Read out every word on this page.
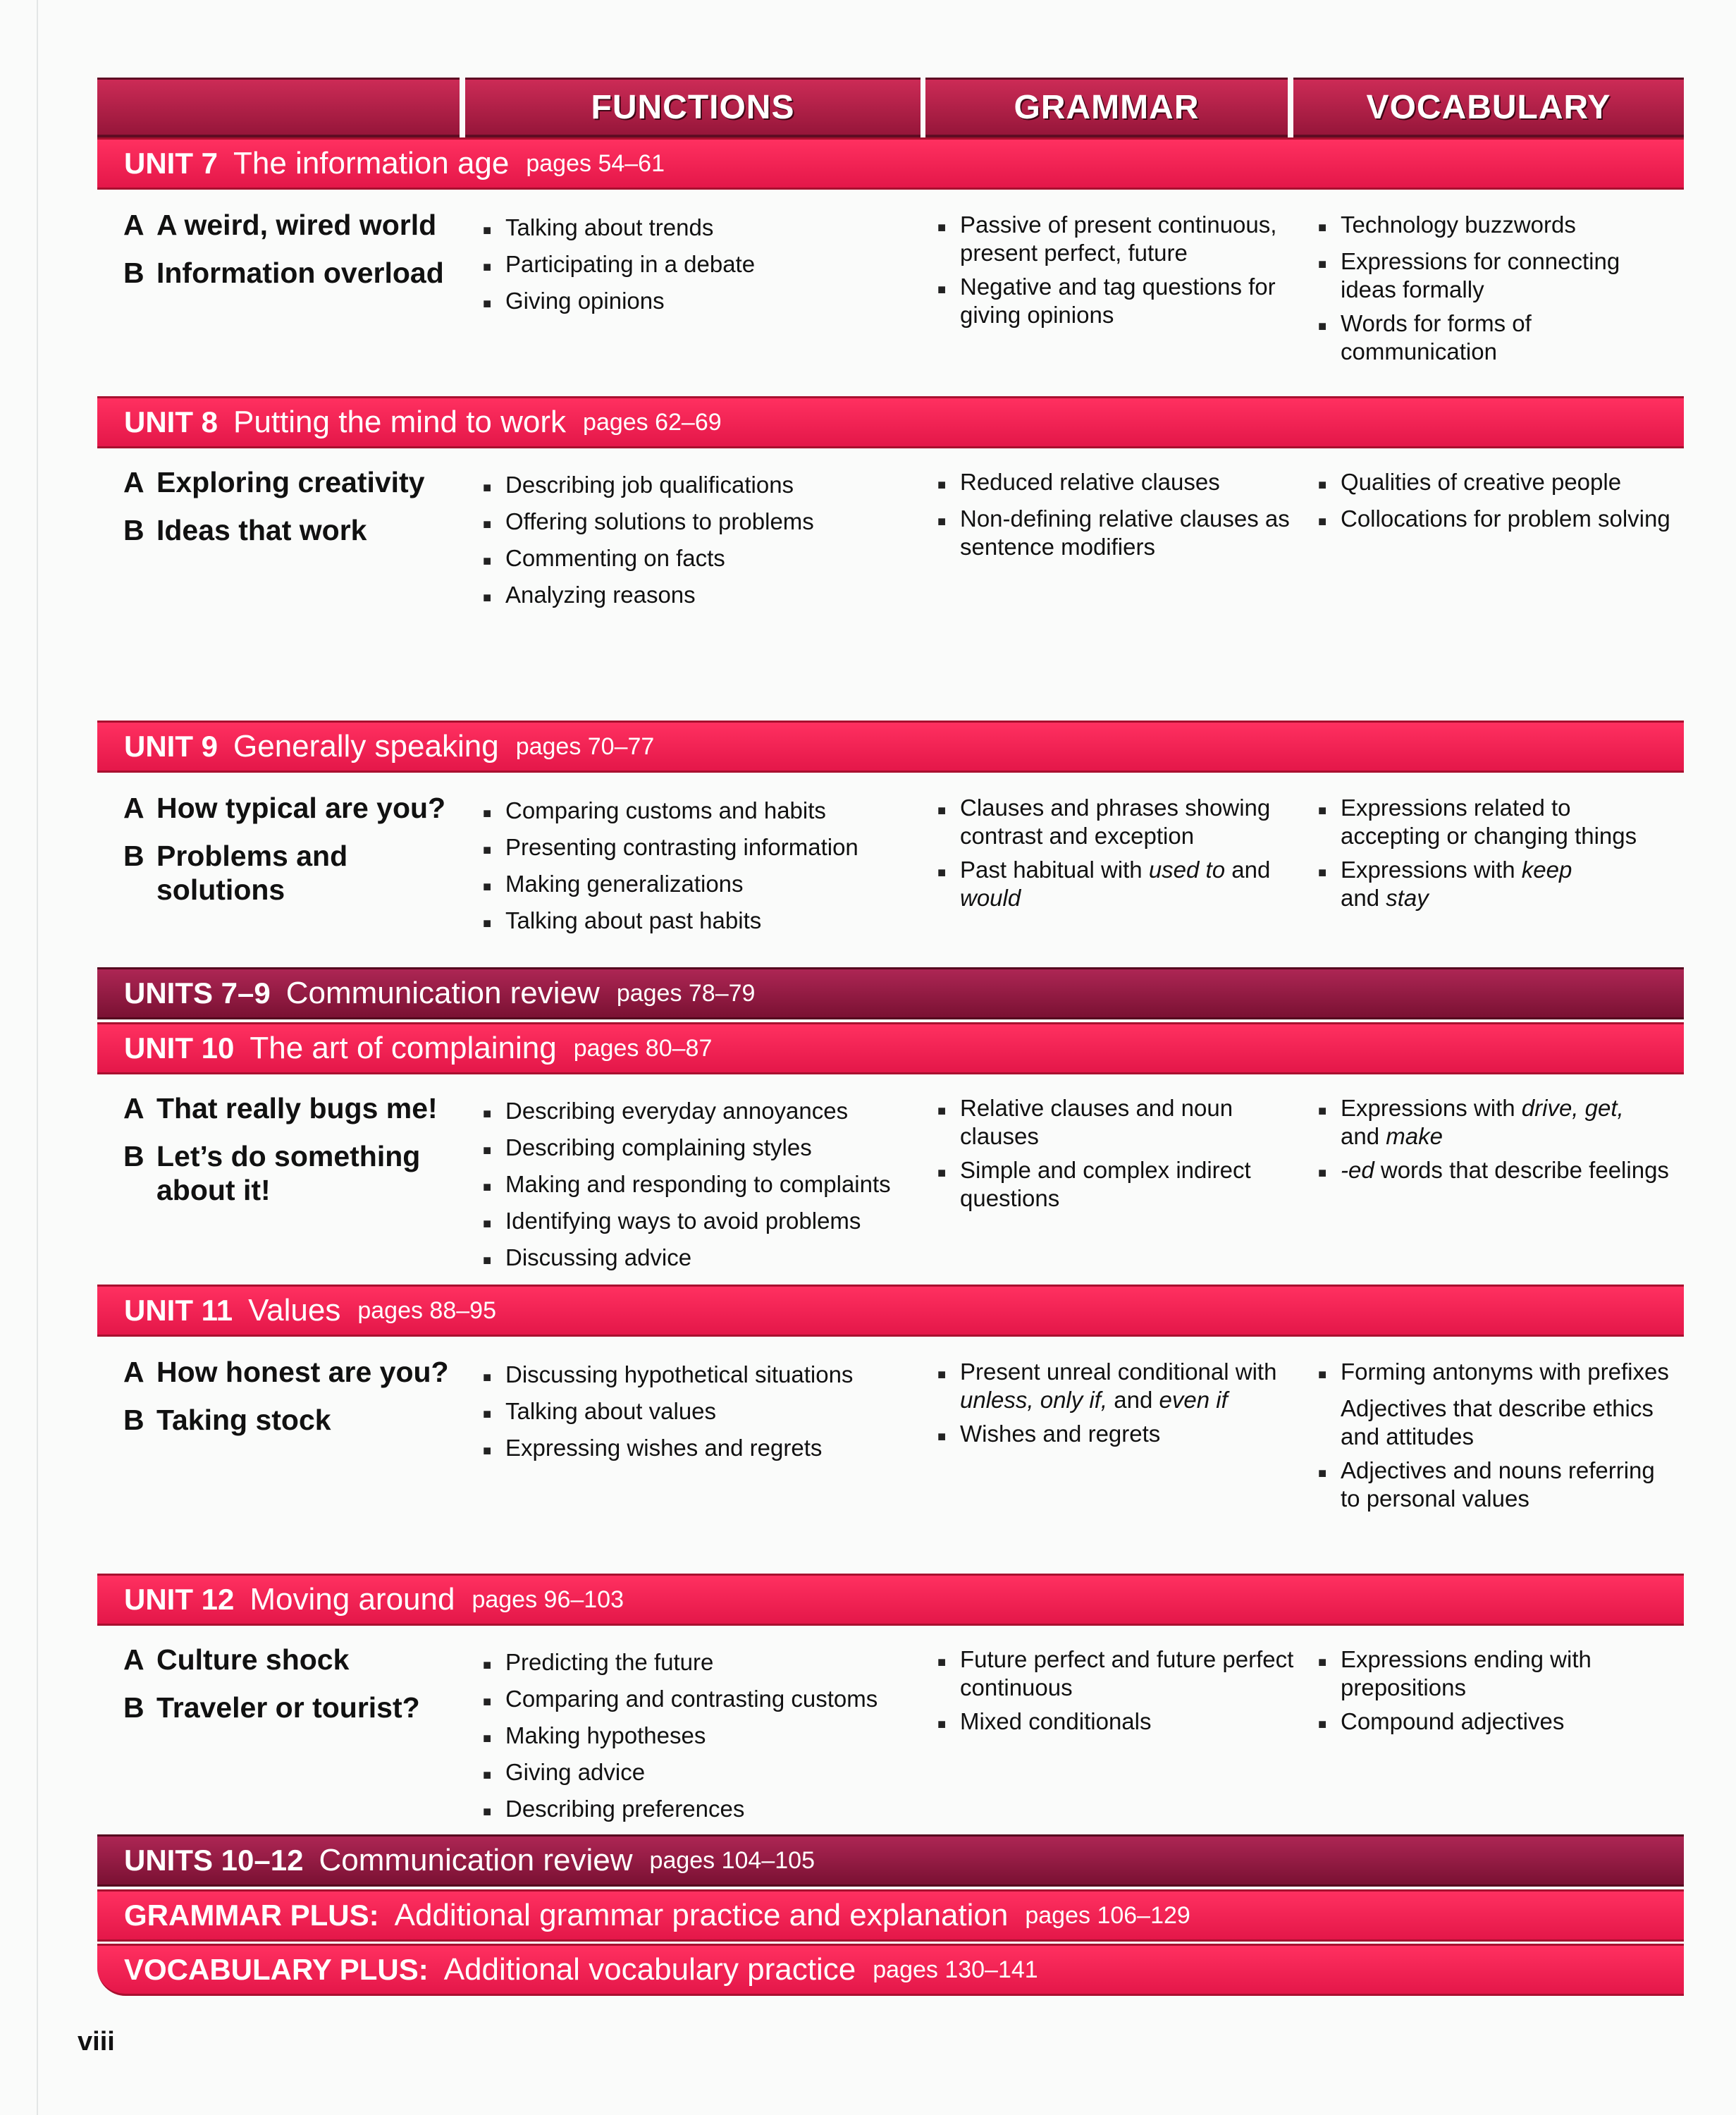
FUNCTIONS	GRAMMAR	VOCABULARY
UNIT 7 The information age pages 54–61
UNIT 8 Putting the mind to work pages 62–69
UNIT 9 Generally speaking pages 70–77
UNITS 7–9 Communication review pages 78–79
UNIT 10 The art of complaining pages 80–87
UNIT 11 Values pages 88–95
UNIT 12 Moving around pages 96–103
UNITS 10–12 Communication review pages 104–105
GRAMMAR PLUS: Additional grammar practice and explanation pages 106–129
VOCABULARY PLUS: Additional vocabulary practice pages 130–141
viii
A A weird, wired world
B Information overload
■ Talking about trends
■ Participating in a debate
■ Giving opinions
■ Passive of present continuous,
present perfect, future
■ Negative and tag questions for
giving opinions
■ Technology buzzwords
■ Expressions for connecting
ideas formally
■ Words for forms of communication
A Exploring creativity
B Ideas that work
■ Describing job qualifications
■ Offering solutions to problems
■ Commenting on facts
■ Analyzing reasons
■ Reduced relative clauses
■ Non-defining relative clauses as
sentence modifiers
■ Qualities of creative people
■ Collocations for problem solving
A How typical are you?
B Problems and solutions
■ Comparing customs and habits
■ Presenting contrasting information
■ Making generalizations
■ Talking about past habits
■ Clauses and phrases showing
contrast and exception
■ Past habitual with used to and
would
■ Expressions related to
accepting or changing things
■ Expressions with keep
and stay
A That really bugs me!
B Let’s do something about it!
■ Describing everyday annoyances
■ Describing complaining styles
■ Making and responding to complaints
■ Identifying ways to avoid problems
■ Discussing advice
■ Relative clauses and noun clauses
■ Simple and complex indirect
questions
■ Expressions with drive, get,
and make
■ -ed words that describe feelings
A How honest are you?
B Taking stock
■ Discussing hypothetical situations
■ Talking about values
■ Expressing wishes and regrets
■ Present unreal conditional with
unless, only if, and even if
■ Wishes and regrets
■ Forming antonyms with prefixes
Adjectives that describe ethics
and attitudes
■ Adjectives and nouns referring
to personal values
A Culture shock
B Traveler or tourist?
■ Predicting the future
■ Comparing and contrasting customs
■ Making hypotheses
■ Giving advice
■ Describing preferences
■ Future perfect and future perfect
continuous
■ Mixed conditionals
■ Expressions ending with
prepositions
■ Compound adjectives
